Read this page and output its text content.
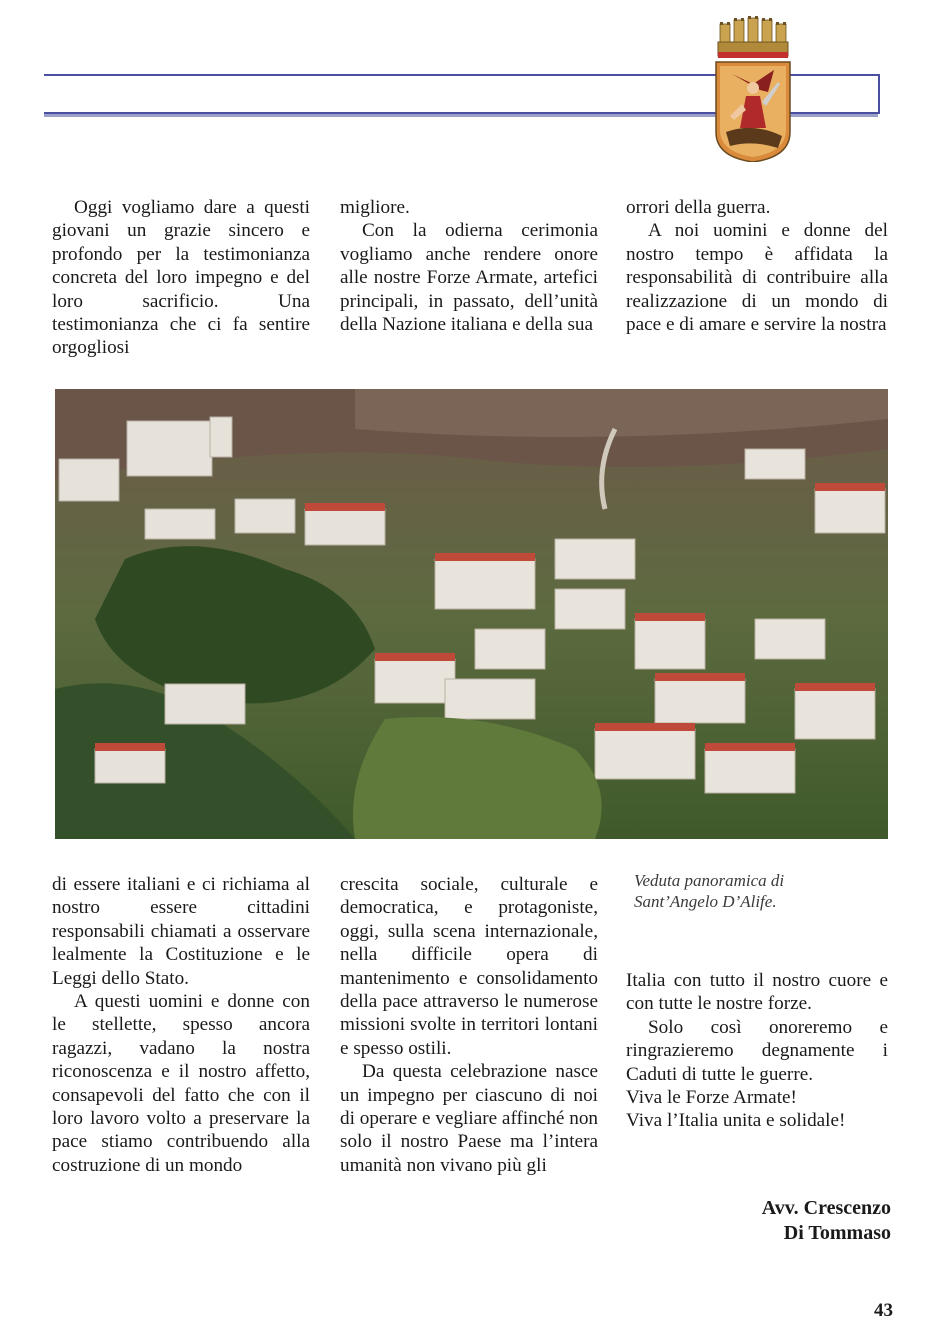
Oggi vogliamo dare a questi giovani un grazie sincero e profondo per la testimonianza concreta del loro impegno e del loro sacrificio. Una testimonianza che ci fa sentire orgogliosi

migliore.

Con la odierna cerimonia vogliamo anche rendere onore alle nostre Forze Armate, artefici principali, in passato, dell’unità della Nazione italiana e della sua

orrori della guerra.

A noi uomini e donne del nostro tempo è affidata la responsabilità di contribuire alla realizzazione di un mondo di pace e di amare e servire la nostra

Veduta panoramica di
Sant’Angelo D’Alife.

di essere italiani e ci richiama al nostro essere cittadini responsabili chiamati a osservare lealmente la Costituzione e le Leggi dello Stato.

A questi uomini e donne con le stellette, spesso ancora ragazzi, vadano la nostra riconoscenza e il nostro affetto, consapevoli del fatto che con il loro lavoro volto a preservare la pace stiamo contribuendo alla costruzione di un mondo

crescita sociale, culturale e democratica, e protagoniste, oggi, sulla scena internazionale, nella difficile opera di mantenimento e consolidamento della pace attraverso le numerose missioni svolte in territori lontani e spesso ostili.

Da questa celebrazione nasce un impegno per ciascuno di noi di operare e vegliare affinché non solo il nostro Paese ma l’intera umanità non vivano più gli

Italia con tutto il nostro cuore e con tutte le nostre forze.

Solo così onoreremo e ringrazieremo degnamente i Caduti di tutte le guerre.

Viva le Forze Armate!

Viva l’Italia unita e solidale!

Avv. Crescenzo
Di Tommaso
43
